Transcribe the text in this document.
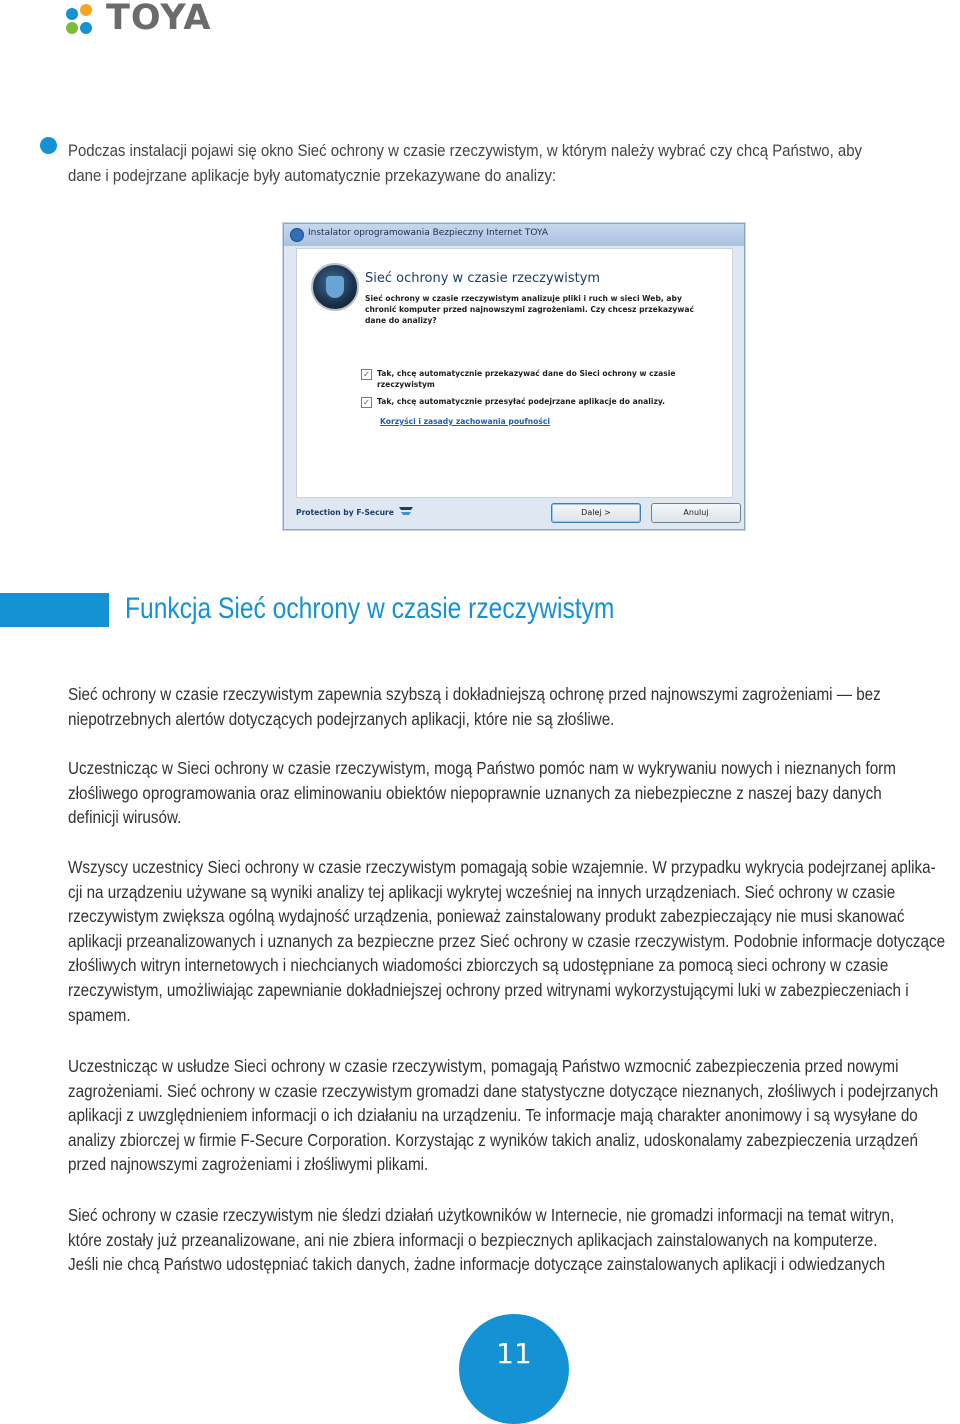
TOYA
Podczas instalacji pojawi się okno Sieć ochrony w czasie rzeczywistym, w którym należy wybrać czy chcą Państwo, aby
dane i podejrzane aplikacje były automatycznie przekazywane do analizy:
Instalator oprogramowania Bezpieczny Internet TOYA
Sieć ochrony w czasie rzeczywistym
Sieć ochrony w czasie rzeczywistym analizuje pliki i ruch w sieci Web, aby chronić komputer przed najnowszymi zagrożeniami. Czy chcesz przekazywać dane do analizy?
✓ Tak, chcę automatycznie przekazywać dane do Sieci ochrony w czasie rzeczywistym
✓ Tak, chcę automatycznie przesyłać podejrzane aplikacje do analizy.
Korzyści i zasady zachowania poufności
Protection by F-Secure	Dalej >	Anuluj
Funkcja Sieć ochrony w czasie rzeczywistym
Sieć ochrony w czasie rzeczywistym zapewnia szybszą i dokładniejszą ochronę przed najnowszymi zagrożeniami — bez
niepotrzebnych alertów dotyczących podejrzanych aplikacji, które nie są złośliwe.
Uczestnicząc w Sieci ochrony w czasie rzeczywistym, mogą Państwo pomóc nam w wykrywaniu nowych i nieznanych form
złośliwego oprogramowania oraz eliminowaniu obiektów niepoprawnie uznanych za niebezpieczne z naszej bazy danych
definicji wirusów.
Wszyscy uczestnicy Sieci ochrony w czasie rzeczywistym pomagają sobie wzajemnie. W przypadku wykrycia podejrzanej aplika-
cji na urządzeniu używane są wyniki analizy tej aplikacji wykrytej wcześniej na innych urządzeniach. Sieć ochrony w czasie
rzeczywistym zwiększa ogólną wydajność urządzenia, ponieważ zainstalowany produkt zabezpieczający nie musi skanować
aplikacji przeanalizowanych i uznanych za bezpieczne przez Sieć ochrony w czasie rzeczywistym. Podobnie informacje dotyczące
złośliwych witryn internetowych i niechcianych wiadomości zbiorczych są udostępniane za pomocą sieci ochrony w czasie
rzeczywistym, umożliwiając zapewnianie dokładniejszej ochrony przed witrynami wykorzystującymi luki w zabezpieczeniach i
spamem.
Uczestnicząc w usłudze Sieci ochrony w czasie rzeczywistym, pomagają Państwo wzmocnić zabezpieczenia przed nowymi
zagrożeniami. Sieć ochrony w czasie rzeczywistym gromadzi dane statystyczne dotyczące nieznanych, złośliwych i podejrzanych
aplikacji z uwzględnieniem informacji o ich działaniu na urządzeniu. Te informacje mają charakter anonimowy i są wysyłane do
analizy zbiorczej w firmie F-Secure Corporation. Korzystając z wyników takich analiz, udoskonalamy zabezpieczenia urządzeń
przed najnowszymi zagrożeniami i złośliwymi plikami.
Sieć ochrony w czasie rzeczywistym nie śledzi działań użytkowników w Internecie, nie gromadzi informacji na temat witryn,
które zostały już przeanalizowane, ani nie zbiera informacji o bezpiecznych aplikacjach zainstalowanych na komputerze.
Jeśli nie chcą Państwo udostępniać takich danych, żadne informacje dotyczące zainstalowanych aplikacji i odwiedzanych
11
